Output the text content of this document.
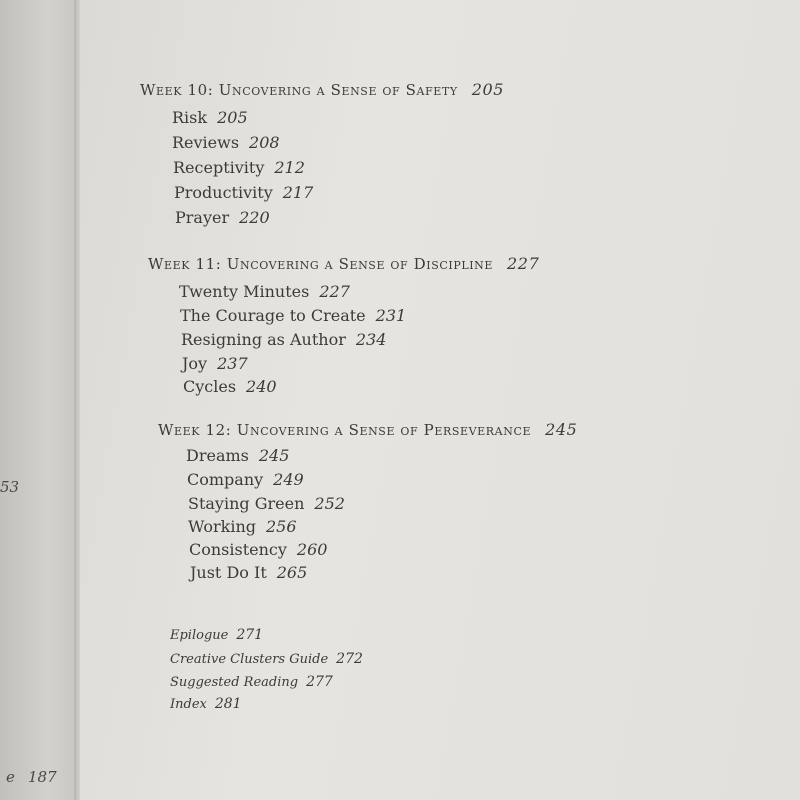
53
e 187
Week 10: Uncovering a Sense of Safety 205
Risk 205
Reviews 208
Receptivity 212
Productivity 217
Prayer 220
Week 11: Uncovering a Sense of Discipline 227
Twenty Minutes 227
The Courage to Create 231
Resigning as Author 234
Joy 237
Cycles 240
Week 12: Uncovering a Sense of Perseverance 245
Dreams 245
Company 249
Staying Green 252
Working 256
Consistency 260
Just Do It 265
Epilogue 271
Creative Clusters Guide 272
Suggested Reading 277
Index 281
